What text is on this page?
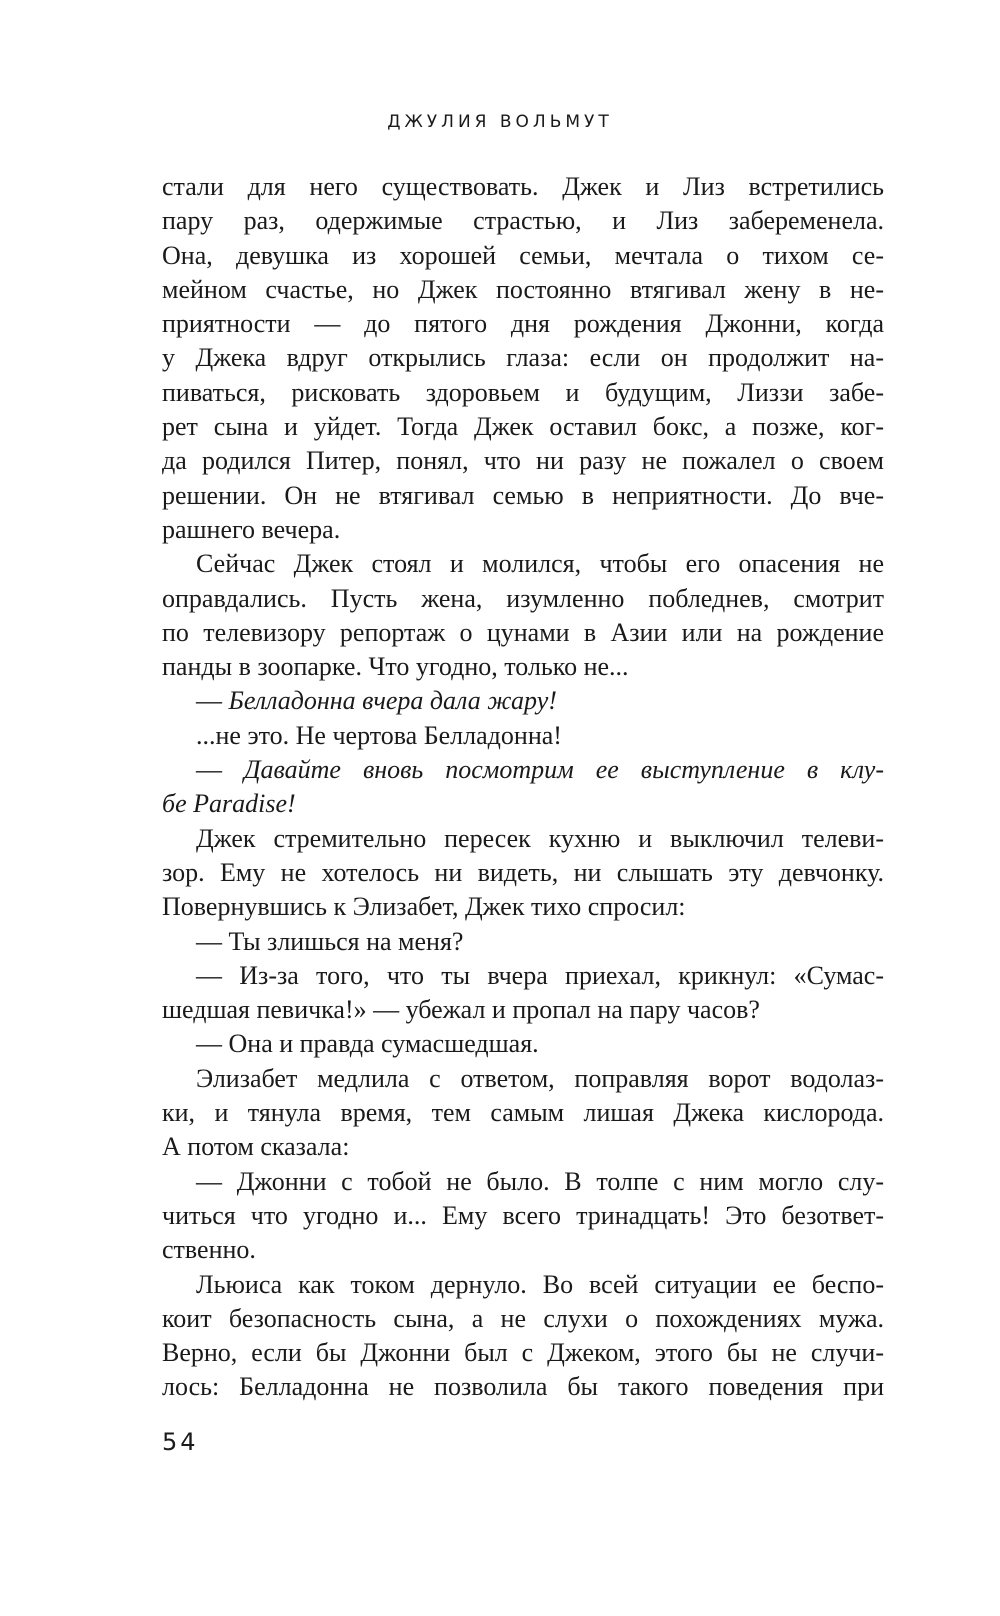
ДЖУЛИЯ ВОЛЬМУТ
стали для него существовать. Джек и Лиз встретились
пару раз, одержимые страстью, и Лиз забеременела.
Она, девушка из хорошей семьи, мечтала о тихом се-
мейном счастье, но Джек постоянно втягивал жену в не-
приятности — до пятого дня рождения Джонни, когда
у Джека вдруг открылись глаза: если он продолжит на-
пиваться, рисковать здоровьем и будущим, Лиззи забе-
рет сына и уйдет. Тогда Джек оставил бокс, а позже, ког-
да родился Питер, понял, что ни разу не пожалел о своем
решении. Он не втягивал семью в неприятности. До вче-
рашнего вечера.
Сейчас Джек стоял и молился, чтобы его опасения не
оправдались. Пусть жена, изумленно побледнев, смотрит
по телевизору репортаж о цунами в Азии или на рождение
панды в зоопарке. Что угодно, только не...
— Белладонна вчера дала жару!
...не это. Не чертова Белладонна!
— Давайте вновь посмотрим ее выступление в клу-
бе Paradise!
Джек стремительно пересек кухню и выключил телеви-
зор. Ему не хотелось ни видеть, ни слышать эту девчонку.
Повернувшись к Элизабет, Джек тихо спросил:
— Ты злишься на меня?
— Из-за того, что ты вчера приехал, крикнул: «Сумас-
шедшая певичка!» — убежал и пропал на пару часов?
— Она и правда сумасшедшая.
Элизабет медлила с ответом, поправляя ворот водолаз-
ки, и тянула время, тем самым лишая Джека кислорода.
А потом сказала:
— Джонни с тобой не было. В толпе с ним могло слу-
читься что угодно и... Ему всего тринадцать! Это безответ-
ственно.
Льюиса как током дернуло. Во всей ситуации ее беспо-
коит безопасность сына, а не слухи о похождениях мужа.
Верно, если бы Джонни был с Джеком, этого бы не случи-
лось: Белладонна не позволила бы такого поведения при
54
